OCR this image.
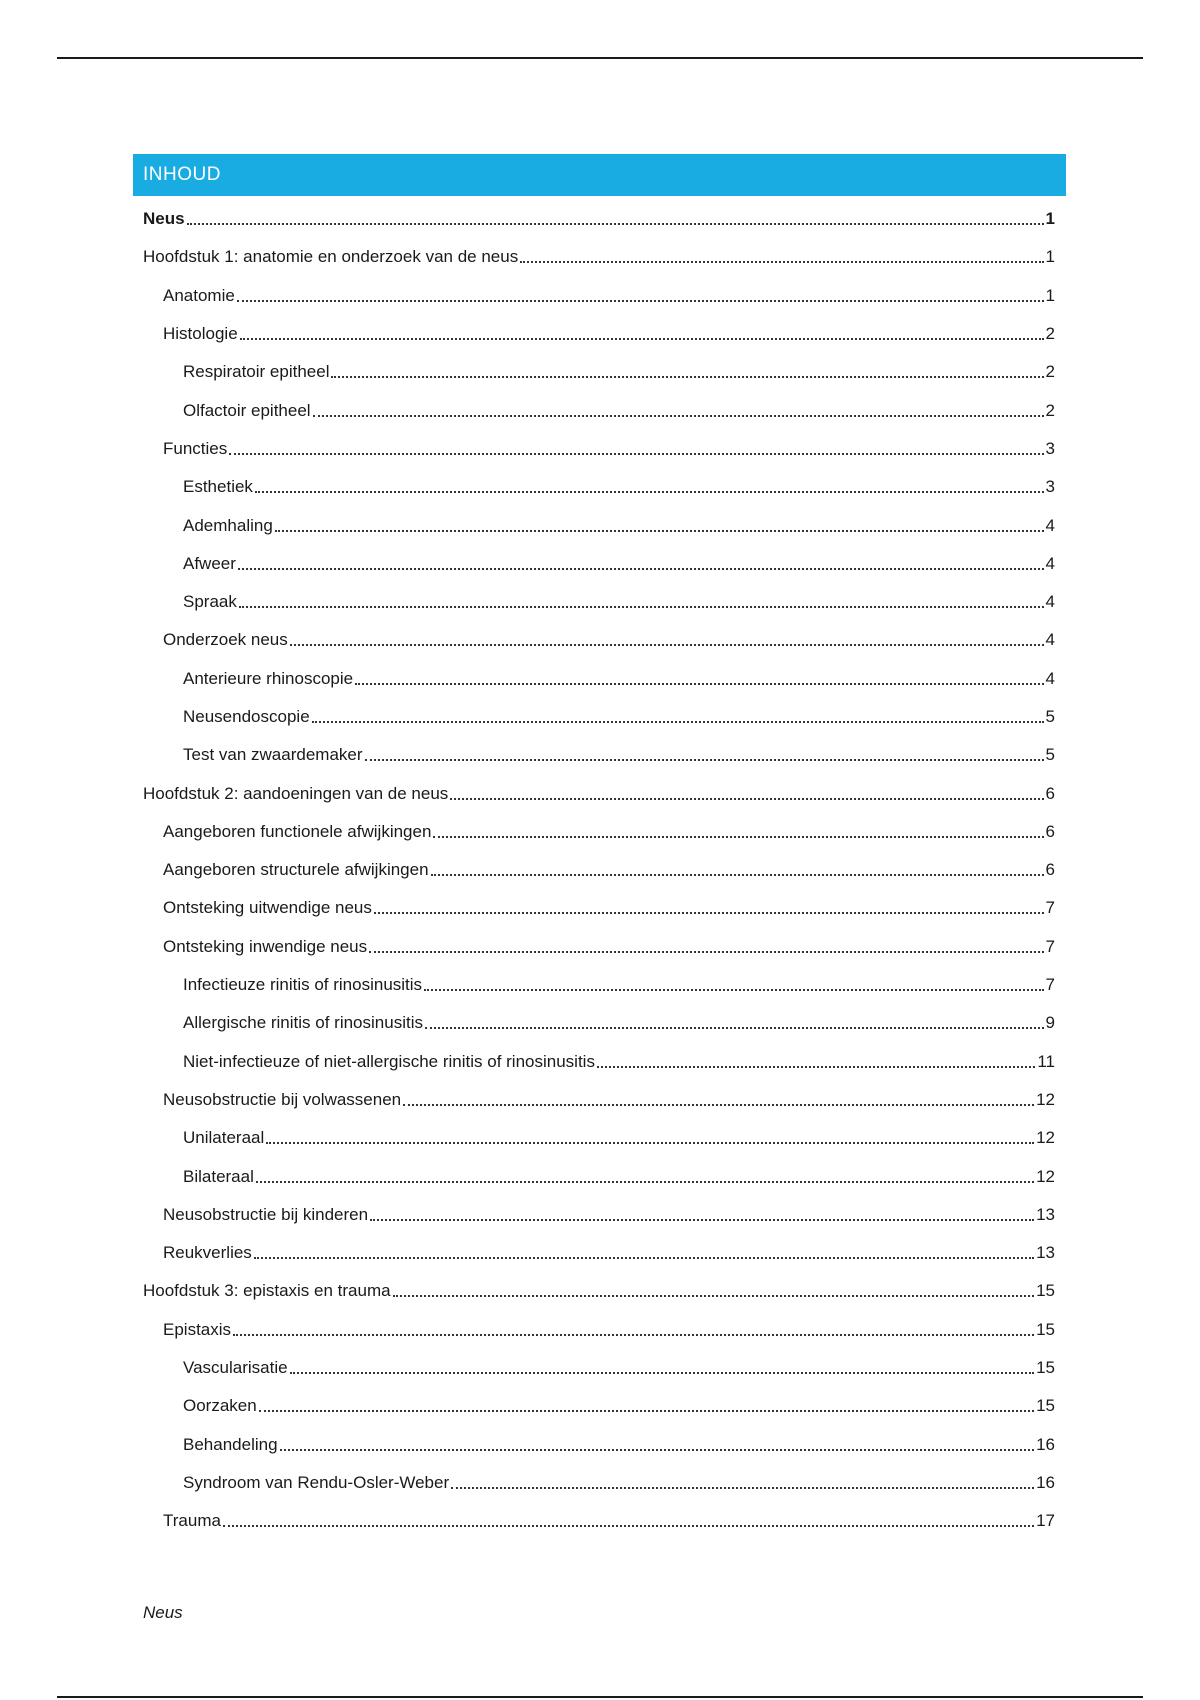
INHOUD
Neus	1
Hoofdstuk 1: anatomie en onderzoek van de neus	1
Anatomie	1
Histologie	2
Respiratoir epitheel	2
Olfactoir epitheel	2
Functies	3
Esthetiek	3
Ademhaling	4
Afweer	4
Spraak	4
Onderzoek neus	4
Anterieure rhinoscopie	4
Neusendoscopie	5
Test van zwaardemaker	5
Hoofdstuk 2: aandoeningen van de neus	6
Aangeboren functionele afwijkingen	6
Aangeboren structurele afwijkingen	6
Ontsteking uitwendige neus	7
Ontsteking inwendige neus	7
Infectieuze rinitis of rinosinusitis	7
Allergische rinitis of rinosinusitis	9
Niet-infectieuze of niet-allergische rinitis of rinosinusitis	11
Neusobstructie bij volwassenen	12
Unilateraal	12
Bilateraal	12
Neusobstructie bij kinderen	13
Reukverlies	13
Hoofdstuk 3: epistaxis en trauma	15
Epistaxis	15
Vascularisatie	15
Oorzaken	15
Behandeling	16
Syndroom van Rendu-Osler-Weber	16
Trauma	17
Neus
